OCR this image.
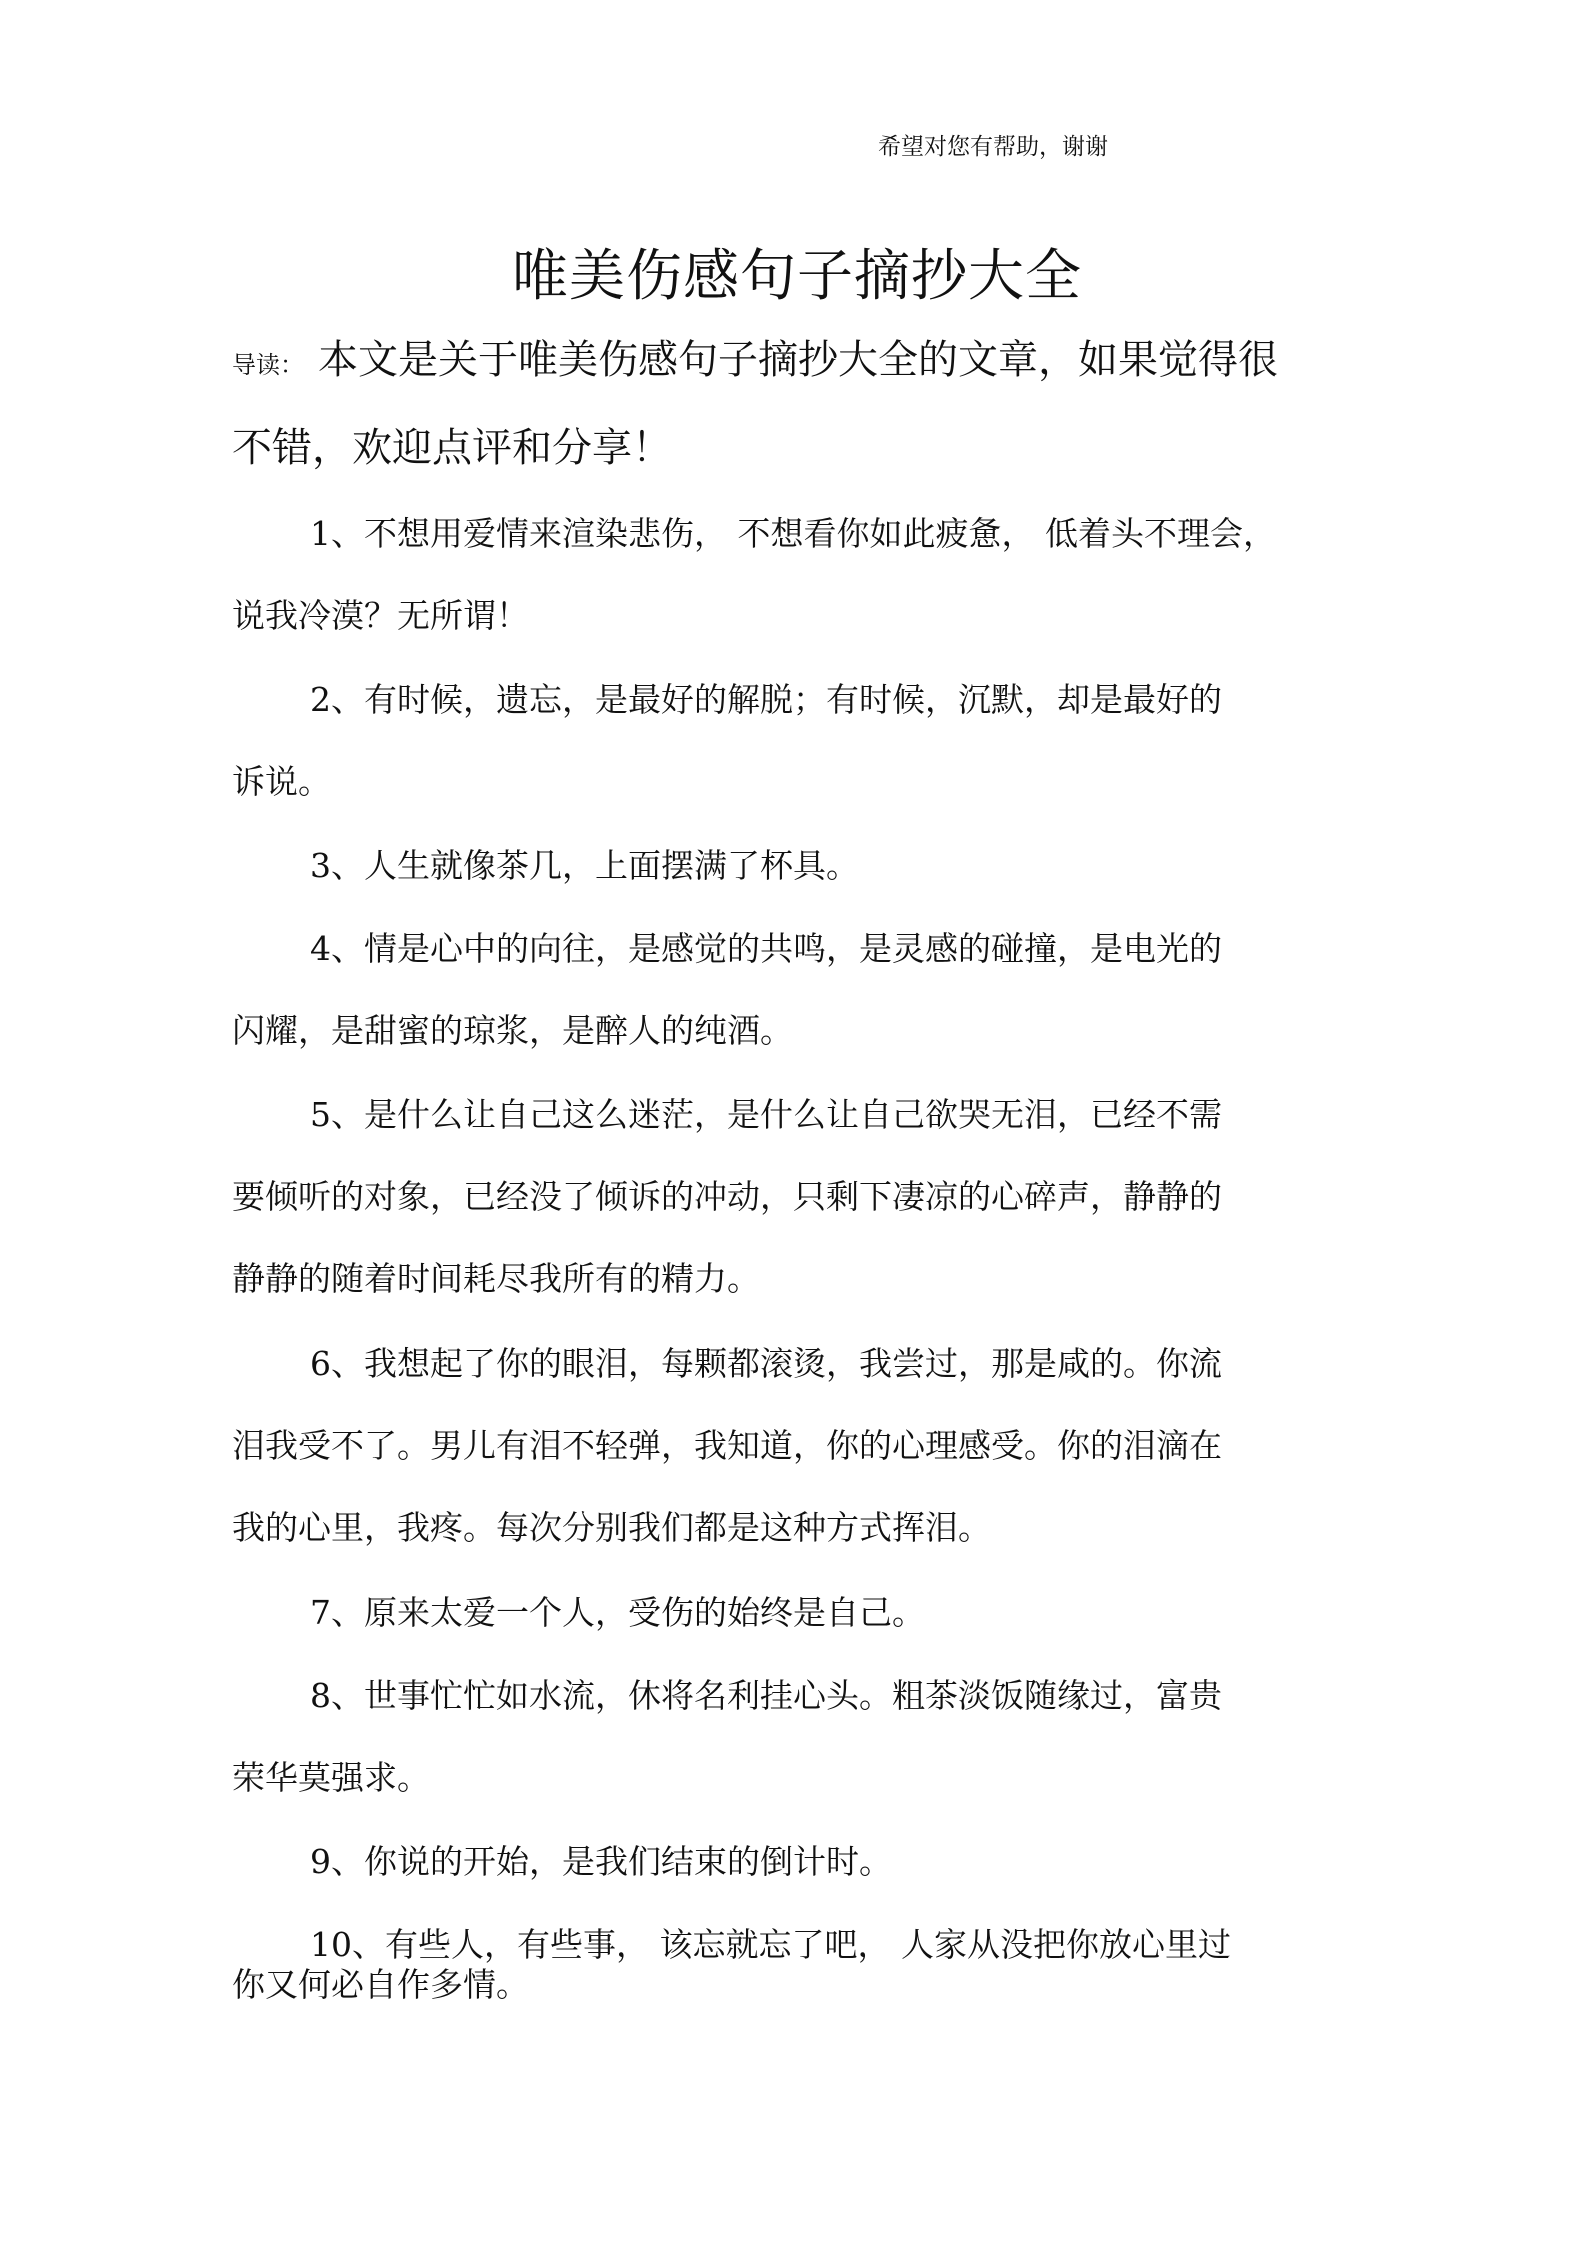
希望对您有帮助，谢谢
唯美伤感句子摘抄大全
导读： 本文是关于唯美伤感句子摘抄大全的文章，如果觉得很
不错，欢迎点评和分享！
1、不想用爱情来渲染悲伤， 不想看你如此疲惫， 低着头不理会，
说我冷漠？无所谓！
2、有时候，遗忘，是最好的解脱；有时候，沉默，却是最好的
诉说。
3、人生就像茶几，上面摆满了杯具。
4、情是心中的向往，是感觉的共鸣，是灵感的碰撞，是电光的
闪耀，是甜蜜的琼浆，是醉人的纯酒。
5、是什么让自己这么迷茫，是什么让自己欲哭无泪，已经不需
要倾听的对象，已经没了倾诉的冲动，只剩下凄凉的心碎声，静静的
静静的随着时间耗尽我所有的精力。
6、我想起了你的眼泪，每颗都滚烫，我尝过，那是咸的。你流
泪我受不了。男儿有泪不轻弹，我知道，你的心理感受。你的泪滴在
我的心里，我疼。每次分别我们都是这种方式挥泪。
7、原来太爱一个人，受伤的始终是自己。
8、世事忙忙如水流，休将名利挂心头。粗茶淡饭随缘过，富贵
荣华莫强求。
9、你说的开始，是我们结束的倒计时。
10、有些人，有些事， 该忘就忘了吧， 人家从没把你放心里过
你又何必自作多情。
